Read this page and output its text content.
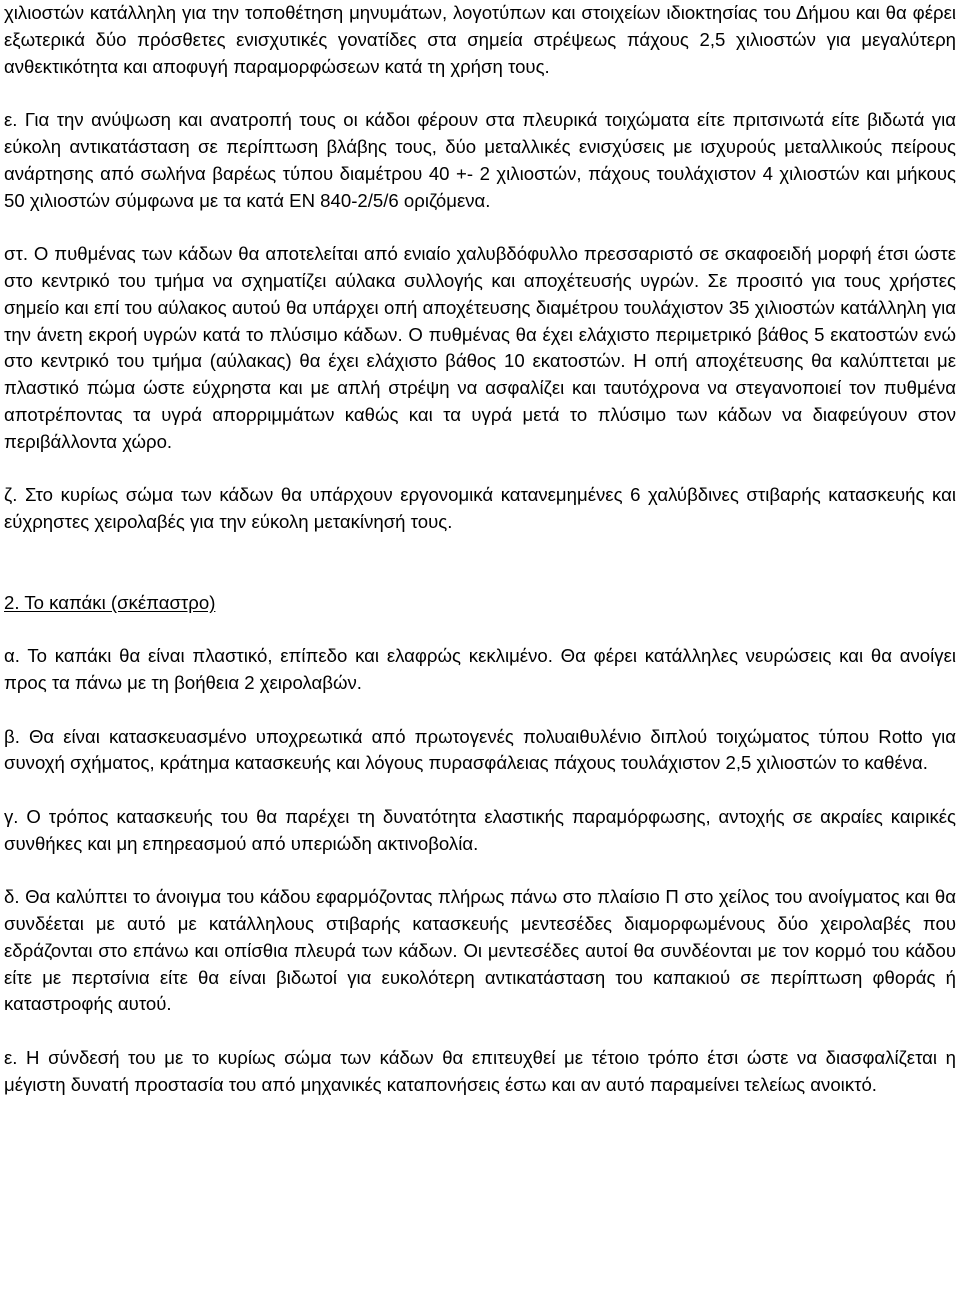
χιλιοστών κατάλληλη για την τοποθέτηση μηνυμάτων, λογοτύπων και στοιχείων ιδιοκτησίας του Δήμου και θα φέρει εξωτερικά δύο πρόσθετες ενισχυτικές γονατίδες στα σημεία στρέψεως πάχους 2,5 χιλιοστών για μεγαλύτερη ανθεκτικότητα και αποφυγή παραμορφώσεων κατά τη χρήση τους.

ε. Για την ανύψωση και ανατροπή τους οι κάδοι φέρουν στα πλευρικά τοιχώματα είτε πριτσινωτά είτε βιδωτά για εύκολη αντικατάσταση σε περίπτωση βλάβης τους, δύο μεταλλικές ενισχύσεις με ισχυρούς μεταλλικούς πείρους ανάρτησης από σωλήνα βαρέως τύπου διαμέτρου 40 +- 2 χιλιοστών, πάχους τουλάχιστον 4 χιλιοστών και μήκους 50 χιλιοστών σύμφωνα με τα κατά ΕΝ 840-2/5/6 οριζόμενα.

στ. Ο πυθμένας των κάδων θα αποτελείται από ενιαίο χαλυβδόφυλλο πρεσσαριστό σε σκαφοειδή μορφή έτσι ώστε στο κεντρικό του τμήμα να σχηματίζει αύλακα συλλογής και αποχέτευσής υγρών. Σε προσιτό για τους χρήστες σημείο και επί του αύλακος αυτού θα υπάρχει οπή αποχέτευσης διαμέτρου τουλάχιστον 35 χιλιοστών κατάλληλη για την άνετη εκροή υγρών κατά το πλύσιμο κάδων. Ο πυθμένας θα έχει ελάχιστο περιμετρικό βάθος 5 εκατοστών ενώ στο κεντρικό του τμήμα (αύλακας) θα έχει ελάχιστο βάθος 10 εκατοστών. Η οπή αποχέτευσης θα καλύπτεται με πλαστικό πώμα ώστε εύχρηστα και με απλή στρέψη να ασφαλίζει και ταυτόχρονα να στεγανοποιεί τον πυθμένα αποτρέποντας τα υγρά απορριμμάτων καθώς και τα υγρά μετά το πλύσιμο των κάδων να διαφεύγουν στον περιβάλλοντα χώρο.

ζ. Στο κυρίως σώμα των κάδων θα υπάρχουν εργονομικά κατανεμημένες 6 χαλύβδινες στιβαρής κατασκευής και εύχρηστες χειρολαβές για την εύκολη μετακίνησή τους.

2. Το καπάκι (σκέπαστρο)

α. Το καπάκι θα είναι πλαστικό, επίπεδο και ελαφρώς κεκλιμένο. Θα φέρει κατάλληλες νευρώσεις και θα ανοίγει προς τα πάνω με τη βοήθεια 2 χειρολαβών.

β. Θα είναι κατασκευασμένο υποχρεωτικά από πρωτογενές πολυαιθυλένιο διπλού τοιχώματος τύπου Rotto για συνοχή σχήματος, κράτημα κατασκευής και λόγους πυρασφάλειας πάχους τουλάχιστον 2,5 χιλιοστών το καθένα.

γ. Ο τρόπος κατασκευής του θα παρέχει τη δυνατότητα ελαστικής παραμόρφωσης, αντοχής σε ακραίες καιρικές συνθήκες και μη επηρεασμού από υπεριώδη ακτινοβολία.

δ. Θα καλύπτει το άνοιγμα του κάδου εφαρμόζοντας πλήρως πάνω στο πλαίσιο Π στο χείλος του ανοίγματος και θα συνδέεται με αυτό με κατάλληλους στιβαρής κατασκευής μεντεσέδες διαμορφωμένους δύο χειρολαβές που εδράζονται στο επάνω και οπίσθια πλευρά των κάδων. Οι μεντεσέδες αυτοί θα συνδέονται με τον κορμό του κάδου είτε με περτσίνια είτε θα είναι βιδωτοί για ευκολότερη αντικατάσταση του καπακιού σε περίπτωση φθοράς ή καταστροφής αυτού.

ε. Η σύνδεσή του με το κυρίως σώμα των κάδων θα επιτευχθεί με τέτοιο τρόπο έτσι ώστε να διασφαλίζεται η μέγιστη δυνατή προστασία του από μηχανικές καταπονήσεις έστω και αν αυτό παραμείνει τελείως ανοικτό.
